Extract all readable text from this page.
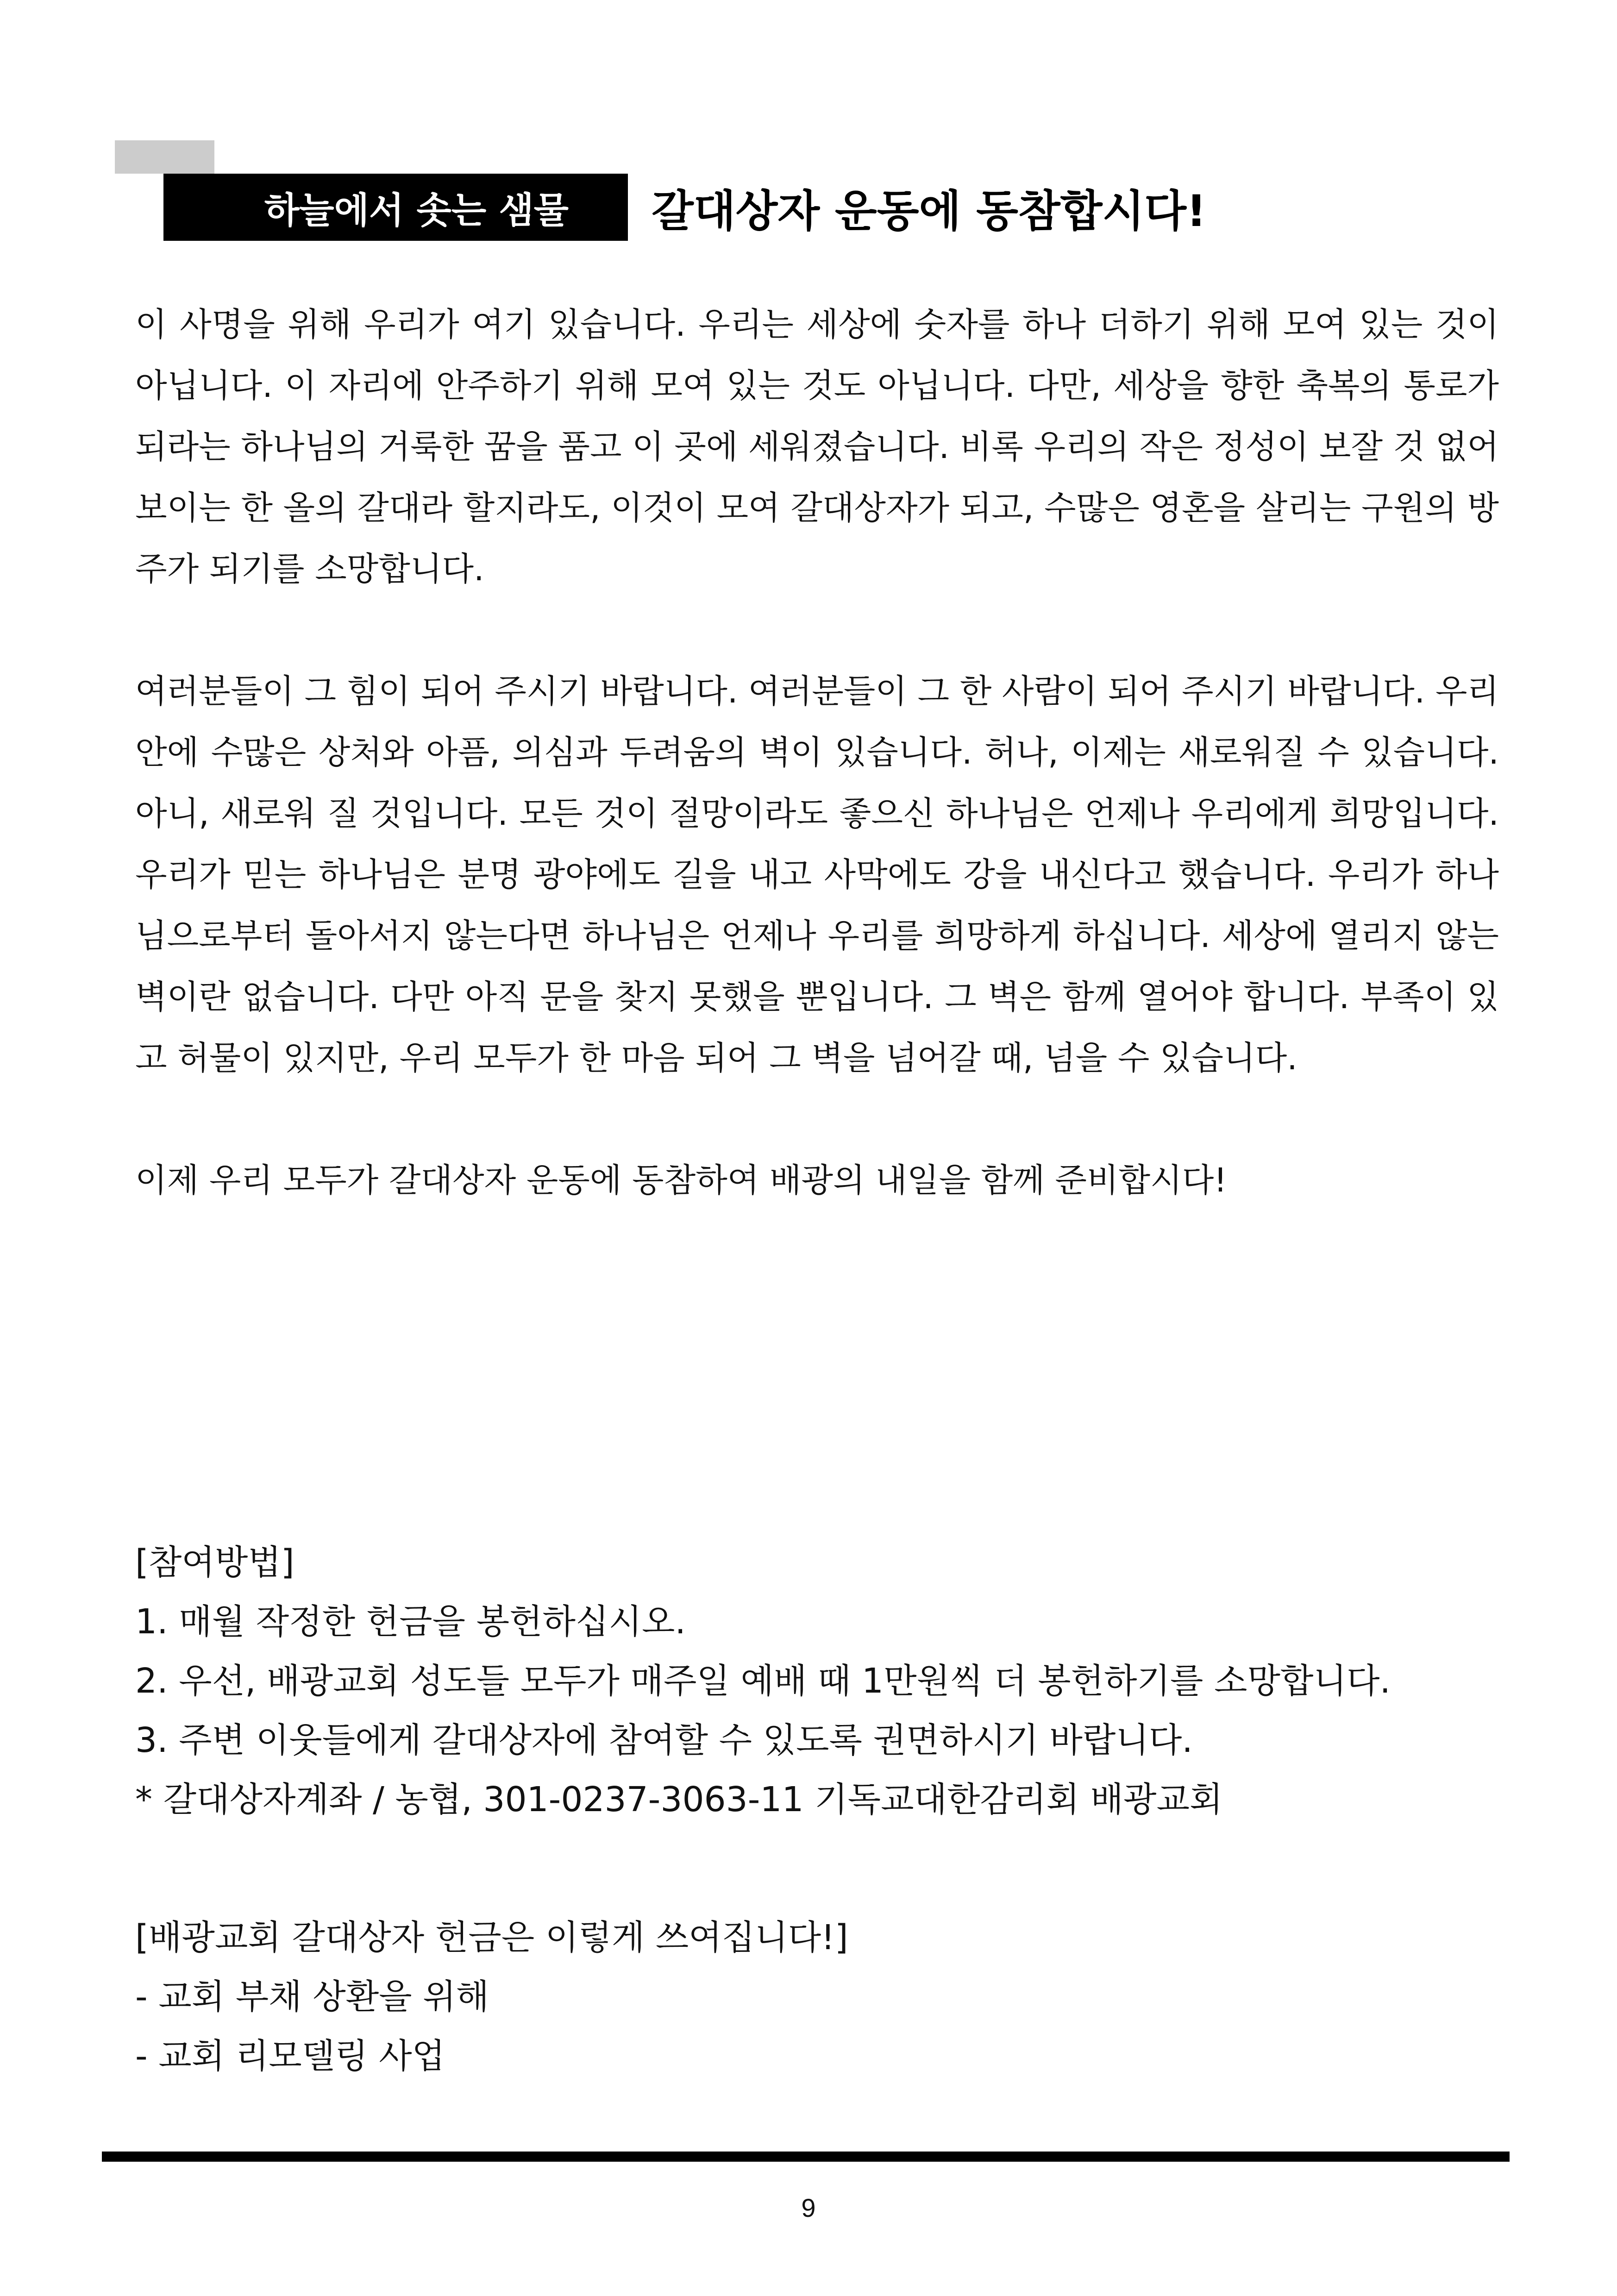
하늘에서 솟는 샘물 갈대상자 운동에 동참합시다!

이 사명을 위해 우리가 여기 있습니다. 우리는 세상에 숫자를 하나 더하기 위해 모여 있는 것이 아닙니다. 이 자리에 안주하기 위해 모여 있는 것도 아닙니다. 다만, 세상을 향한 축복의 통로가 되라는 하나님의 거룩한 꿈을 품고 이 곳에 세워졌습니다. 비록 우리의 작은 정성이 보잘 것 없어 보이는 한 올의 갈대라 할지라도, 이것이 모여 갈대상자가 되고, 수많은 영혼을 살리는 구원의 방주가 되기를 소망합니다.

여러분들이 그 힘이 되어 주시기 바랍니다. 여러분들이 그 한 사람이 되어 주시기 바랍니다. 우리 안에 수많은 상처와 아픔, 의심과 두려움의 벽이 있습니다. 허나, 이제는 새로워질 수 있습니다. 아니, 새로워 질 것입니다. 모든 것이 절망이라도 좋으신 하나님은 언제나 우리에게 희망입니다. 우리가 믿는 하나님은 분명 광야에도 길을 내고 사막에도 강을 내신다고 했습니다. 우리가 하나님으로부터 돌아서지 않는다면 하나님은 언제나 우리를 희망하게 하십니다. 세상에 열리지 않는 벽이란 없습니다. 다만 아직 문을 찾지 못했을 뿐입니다. 그 벽은 함께 열어야 합니다. 부족이 있고 허물이 있지만, 우리 모두가 한 마음 되어 그 벽을 넘어갈 때, 넘을 수 있습니다.

이제 우리 모두가 갈대상자 운동에 동참하여 배광의 내일을 함께 준비합시다!

[참여방법]
1. 매월 작정한 헌금을 봉헌하십시오.
2. 우선, 배광교회 성도들 모두가 매주일 예배 때 1만원씩 더 봉헌하기를 소망합니다.
3. 주변 이웃들에게 갈대상자에 참여할 수 있도록 권면하시기 바랍니다.
* 갈대상자계좌 / 농협, 301-0237-3063-11 기독교대한감리회 배광교회
[배광교회 갈대상자 헌금은 이렇게 쓰여집니다!]
- 교회 부채 상환을 위해
- 교회 리모델링 사업
9
